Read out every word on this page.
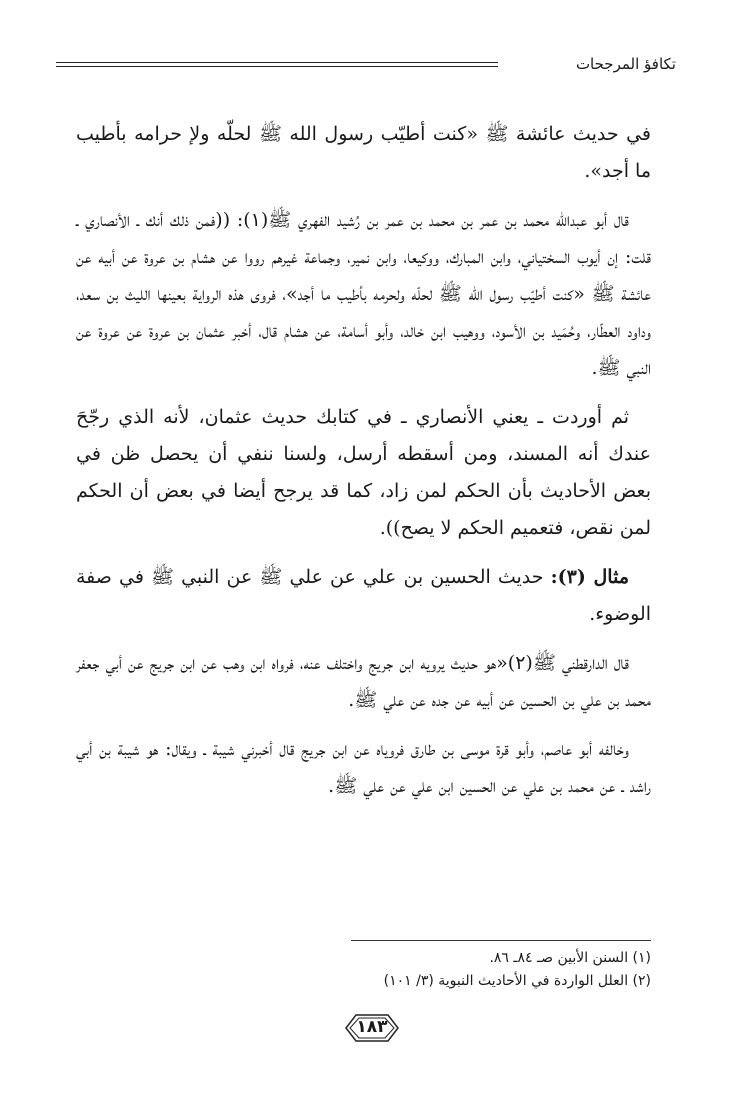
تكافؤ المرجحات

في حديث عائشة ﷺ «كنت أطيّب رسول الله ﷺ لحلّه ولإ حرامه بأطيب ما أجد».

قال أبو عبدالله محمد بن عمر بن محمد بن عمر بن رُشيد الفهري ﷺ(١): ((فمن ذلك أنك ـ الأنصاري ـ قلت: إن أيوب السختياني، وابن المبارك، ووكيعا، وابن نمير، وجماعة غيرهم رووا عن هشام بن عروة عن أبيه عن عائشة ﷺ «كنت أطيّب رسول الله ﷺ لحلّه ولحرمه بأطيب ما أجد»، فروى هذه الرواية بعينها الليث بن سعد، وداود العطّار، وحُمَيد بن الأسود، ووهيب ابن خالد، وأبو أسامة، عن هشام قال، أخبر عثمان بن عروة عن عروة عن النبي ﷺ.

ثم أوردت ـ يعني الأنصاري ـ في كتابك حديث عثمان، لأنه الذي رجّحَ عندك أنه المسند، ومن أسقطه أرسل، ولسنا ننفي أن يحصل ظن في بعض الأحاديث بأن الحكم لمن زاد، كما قد يرجح أيضا في بعض أن الحكم لمن نقص، فتعميم الحكم لا يصح)).

مثال (٣): حديث الحسين بن علي عن علي ﷺ عن النبي ﷺ في صفة الوضوء.

قال الدارقطني ﷺ(٢)«هو حديث يرويه ابن جريج واختلف عنه، فرواه ابن وهب عن ابن جريج عن أبي جعفر محمد بن علي بن الحسين عن أبيه عن جده عن علي ﷺ.

وخالفه أبو عاصم، وأبو قرة موسى بن طارق فروياه عن ابن جريج قال أخبرني شيبة ـ ويقال: هو شيبة بن أبي راشد ـ عن محمد بن علي عن الحسين ابن علي عن علي ﷺ.

(١) السنن الأبين صـ ٨٤ـ ٨٦.
(٢) العلل الواردة في الأحاديث النبوية (٣/ ١٠١)
١٨٣
